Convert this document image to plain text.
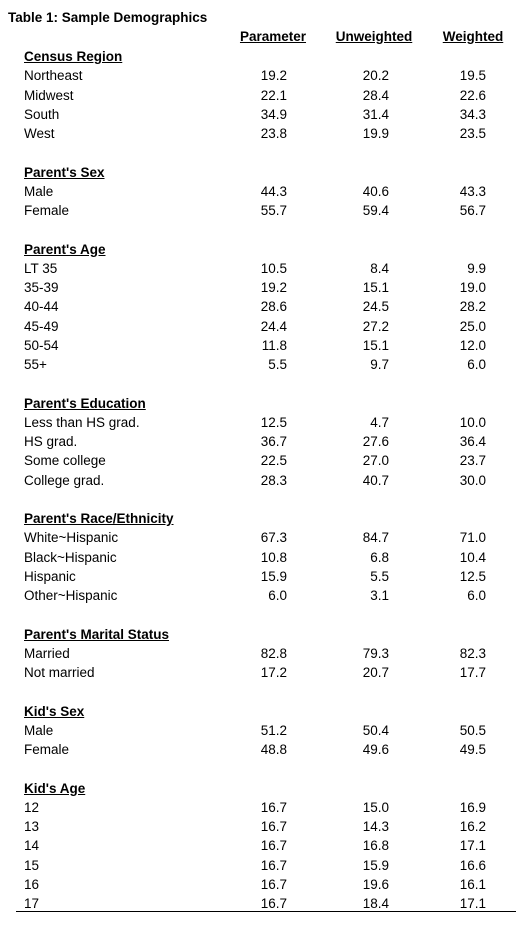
Table 1: Sample Demographics
Parameter	Unweighted	Weighted
Census Region
Northeast	19.2	20.2	19.5
Midwest	22.1	28.4	22.6
South	34.9	31.4	34.3
West	23.8	19.9	23.5
Parent's Sex
Male	44.3	40.6	43.3
Female	55.7	59.4	56.7
Parent's Age
LT 35	10.5	8.4	9.9
35-39	19.2	15.1	19.0
40-44	28.6	24.5	28.2
45-49	24.4	27.2	25.0
50-54	11.8	15.1	12.0
55+	5.5	9.7	6.0
Parent's Education
Less than HS grad.	12.5	4.7	10.0
HS grad.	36.7	27.6	36.4
Some college	22.5	27.0	23.7
College grad.	28.3	40.7	30.0
Parent's Race/Ethnicity
White~Hispanic	67.3	84.7	71.0
Black~Hispanic	10.8	6.8	10.4
Hispanic	15.9	5.5	12.5
Other~Hispanic	6.0	3.1	6.0
Parent's Marital Status
Married	82.8	79.3	82.3
Not married	17.2	20.7	17.7
Kid's Sex
Male	51.2	50.4	50.5
Female	48.8	49.6	49.5
Kid's Age
12	16.7	15.0	16.9
13	16.7	14.3	16.2
14	16.7	16.8	17.1
15	16.7	15.9	16.6
16	16.7	19.6	16.1
17	16.7	18.4	17.1
